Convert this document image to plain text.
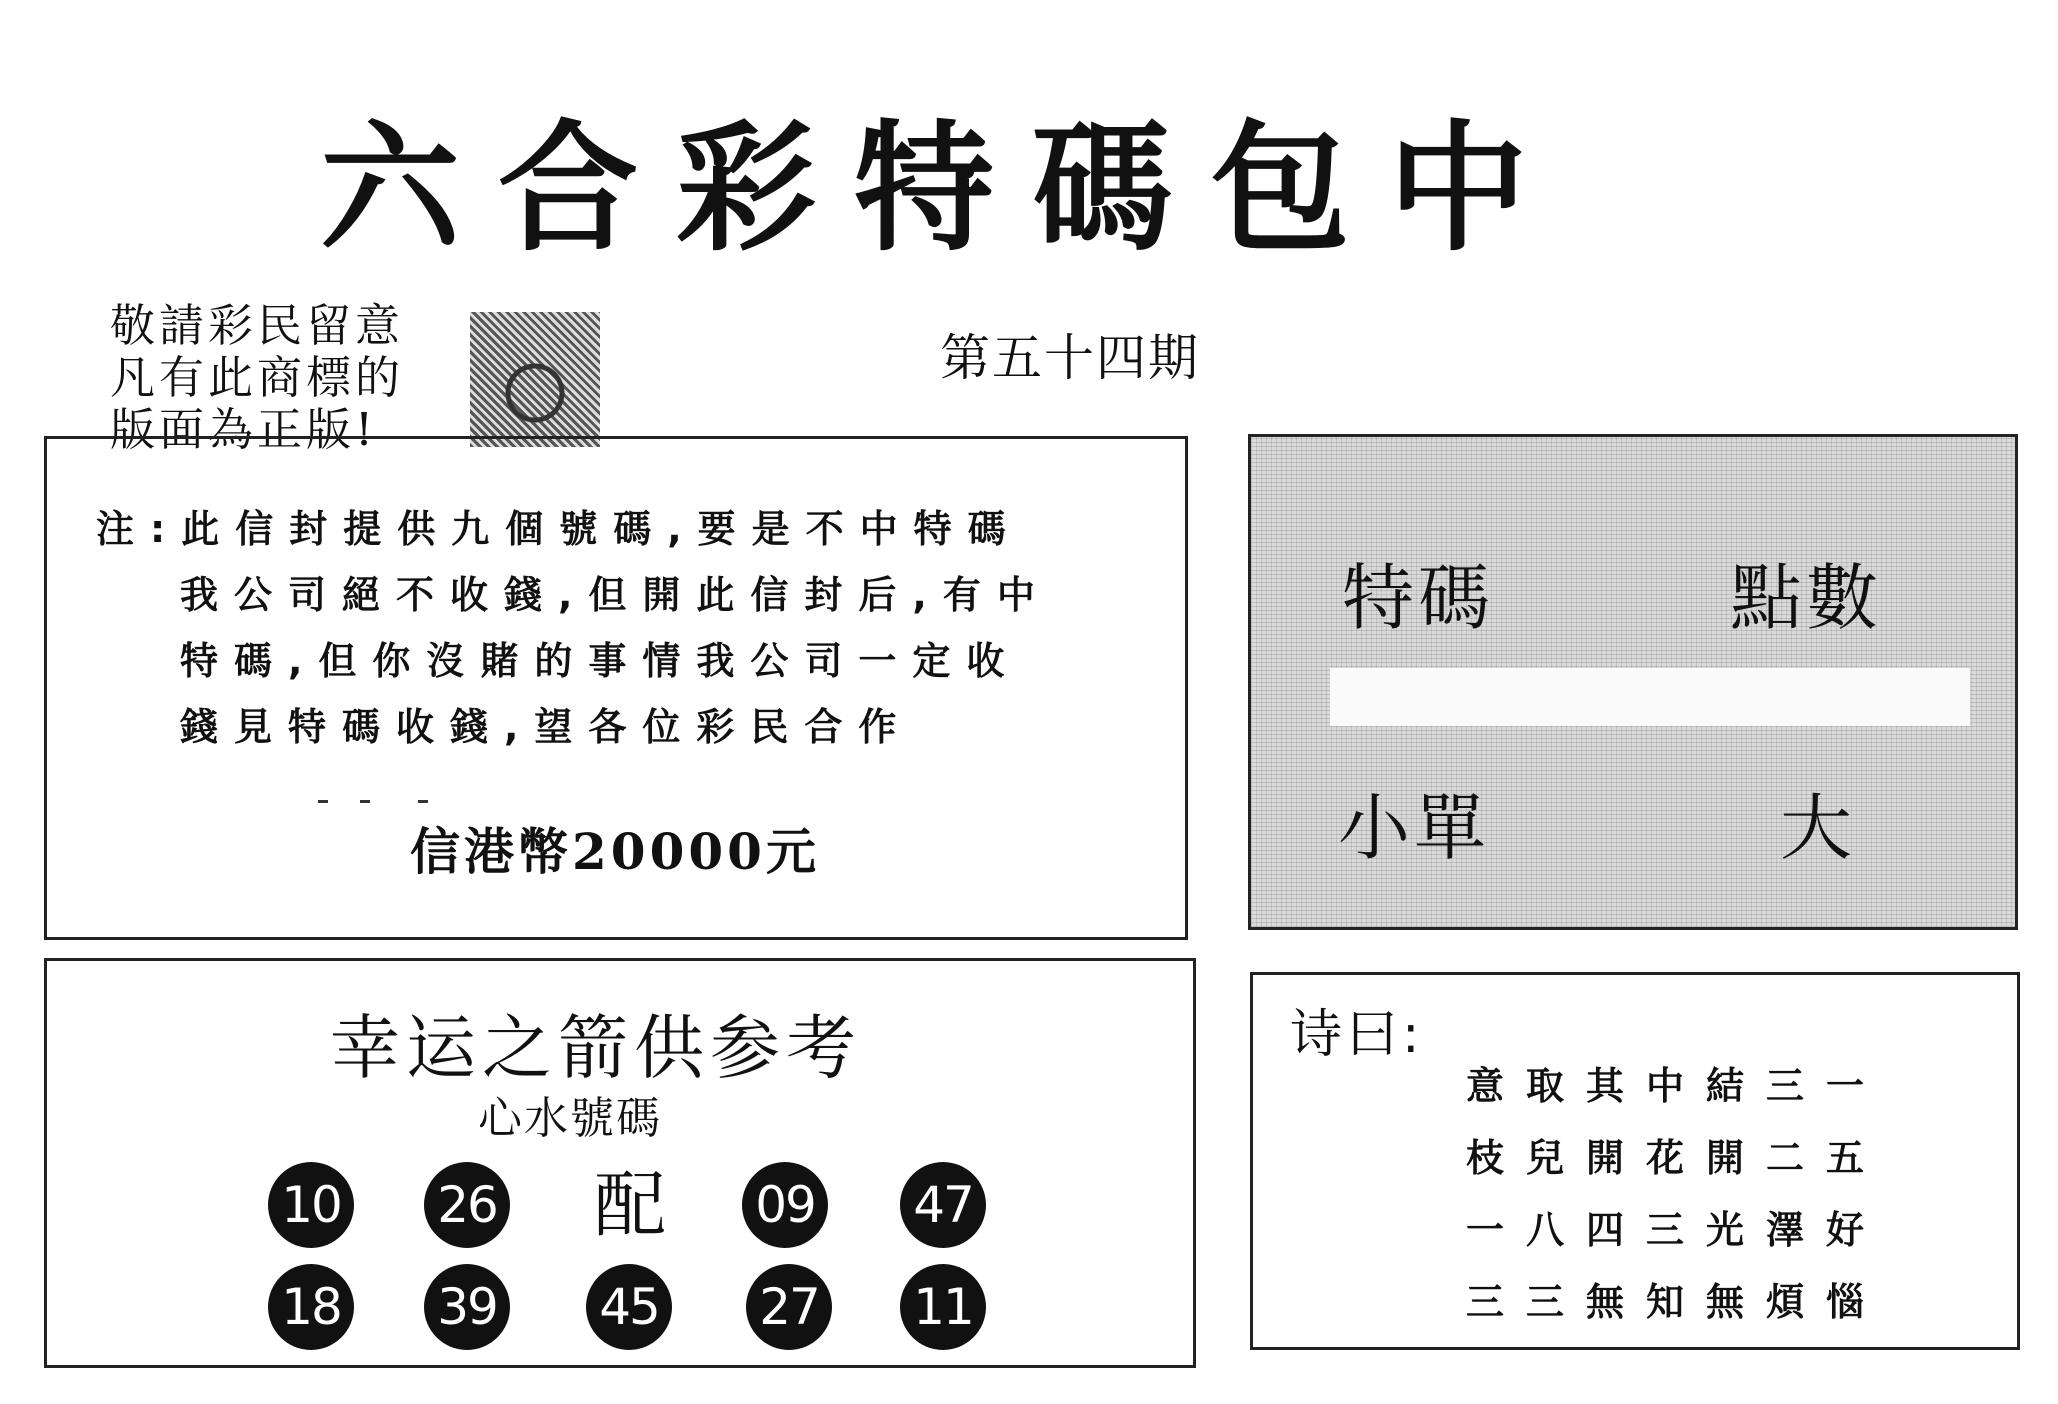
六合彩特碼包中
敬請彩民留意
凡有此商標的
版面為正版!
第五十四期
注:此信封提供九個號碼,要是不中特碼
我公司絕不收錢,但開此信封后,有中
特碼,但你沒賭的事情我公司一定收
錢見特碼收錢,望各位彩民合作
信港幣20000元
特碼	點數
小單	大
幸运之箭供参考
心水號碼
10 26 配 09 47
18 39 45 27 11
诗曰:
意取其中結三一
枝兒開花開二五
一八四三光澤好
三三無知無煩惱
